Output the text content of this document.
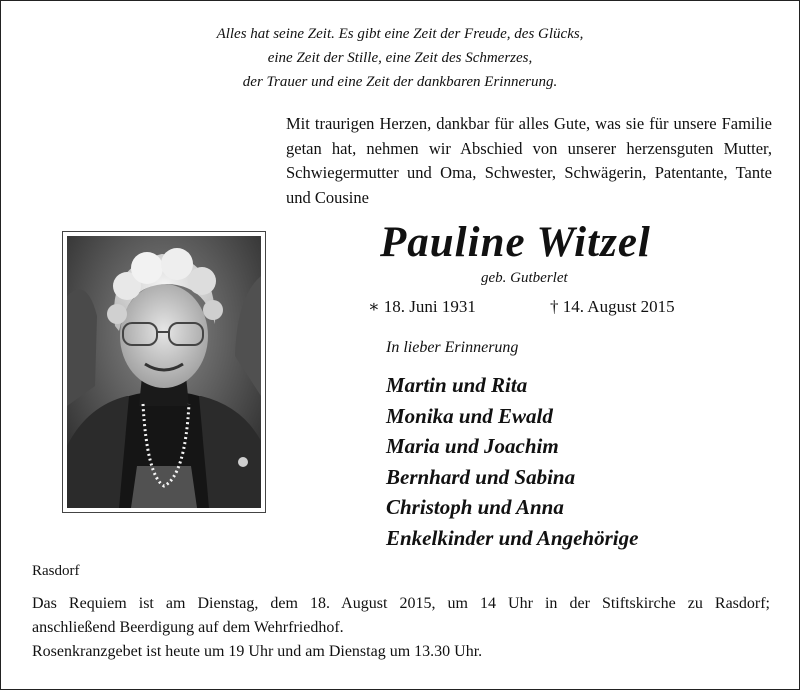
Alles hat seine Zeit. Es gibt eine Zeit der Freude, des Glücks,
eine Zeit der Stille, eine Zeit des Schmerzes,
der Trauer und eine Zeit der dankbaren Erinnerung.
Mit traurigen Herzen, dankbar für alles Gute, was sie für unsere Familie getan hat, nehmen wir Abschied von unserer herzensguten Mutter, Schwiegermutter und Oma, Schwester, Schwägerin, Patentante, Tante und Cousine
Pauline Witzel
geb. Gutberlet
∗ 18. Juni 1931	† 14. August 2015
In lieber Erinnerung
Martin und Rita
Monika und Ewald
Maria und Joachim
Bernhard und Sabina
Christoph und Anna
Enkelkinder und Angehörige
Rasdorf
Das Requiem ist am Dienstag, dem 18. August 2015, um 14 Uhr in der Stiftskirche zu Rasdorf;
anschließend Beerdigung auf dem Wehrfriedhof.
Rosenkranzgebet ist heute um 19 Uhr und am Dienstag um 13.30 Uhr.
